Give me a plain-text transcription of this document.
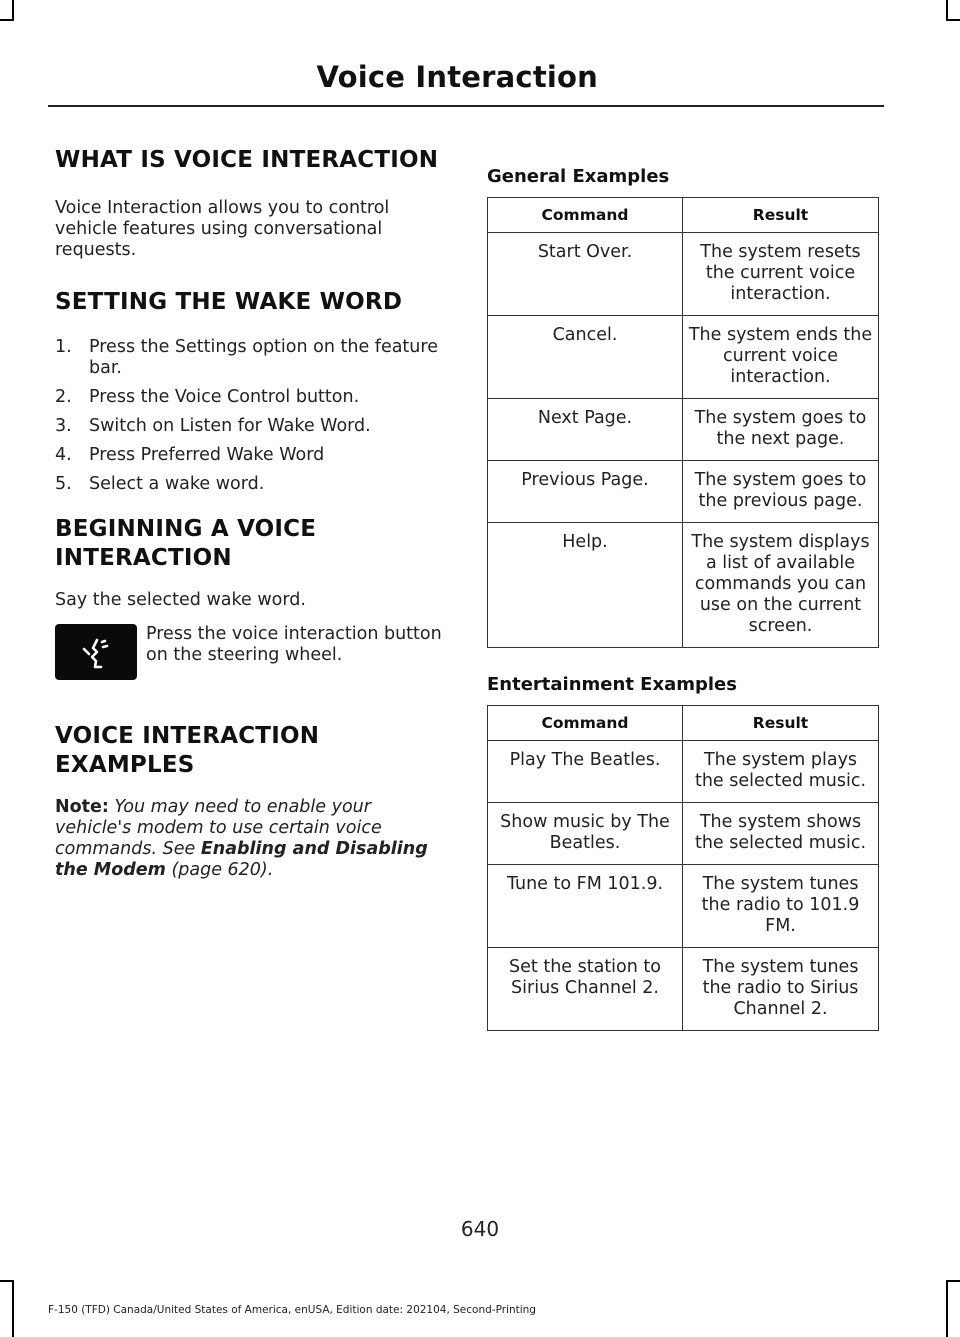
Voice Interaction
WHAT IS VOICE INTERACTION

Voice Interaction allows you to control vehicle features using conversational requests.

SETTING THE WAKE WORD
1. Press the Settings option on the feature bar.
2. Press the Voice Control button.
3. Switch on Listen for Wake Word.
4. Press Preferred Wake Word
5. Select a wake word.
BEGINNING A VOICE
INTERACTION

Say the selected wake word.

Press the voice interaction button on the steering wheel.
VOICE INTERACTION
EXAMPLES

Note: You may need to enable your vehicle's modem to use certain voice commands. See Enabling and Disabling the Modem (page 620).

General Examples
Command	Result
Start Over.	The system resets the current voice interaction.
Cancel.	The system ends the current voice interaction.
Next Page.	The system goes to the next page.
Previous Page.	The system goes to the previous page.
Help.	The system displays a list of available commands you can use on the current screen.
Entertainment Examples
Command	Result
Play The Beatles.	The system plays the selected music.
Show music by The Beatles.	The system shows the selected music.
Tune to FM 101.9.	The system tunes the radio to 101.9 FM.
Set the station to Sirius Channel 2.	The system tunes the radio to Sirius Channel 2.
640
F-150 (TFD) Canada/United States of America, enUSA, Edition date: 202104, Second-Printing
